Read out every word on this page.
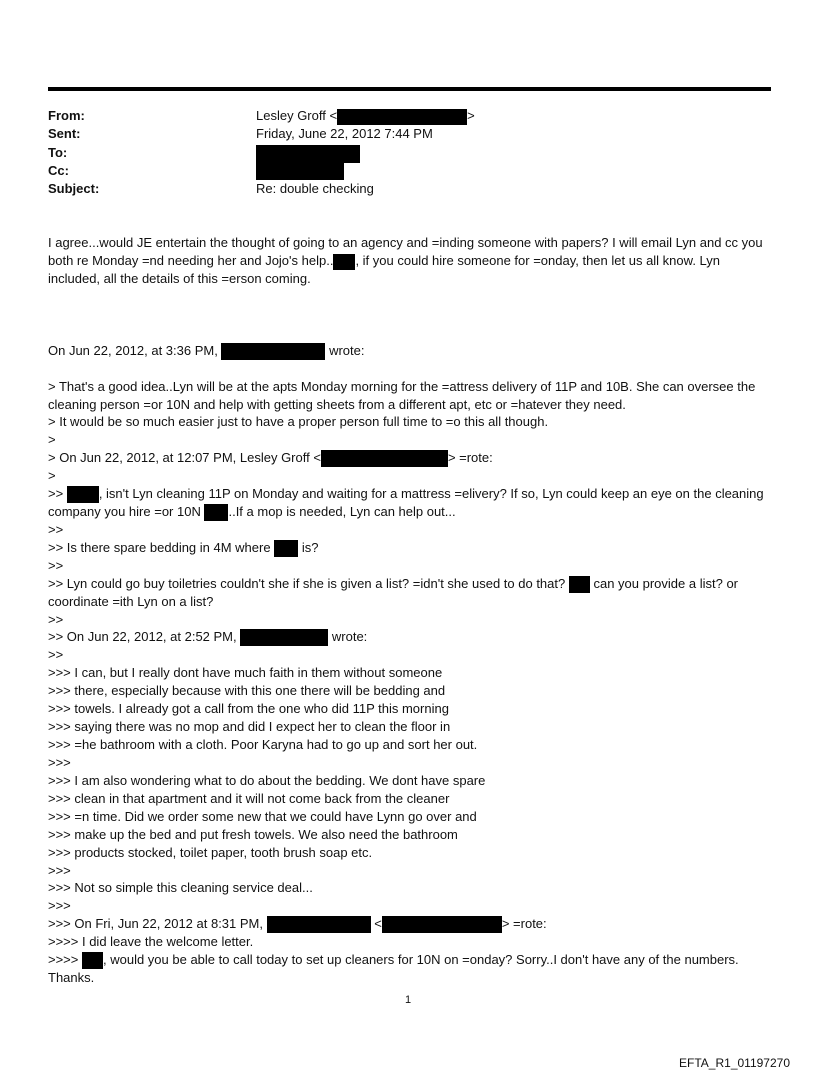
From:	Lesley Groff <	>
Sent:	Friday, June 22, 2012 7:44 PM
To:
Cc:
Subject:	Re: double checking
I agree...would JE entertain the thought of going to an agency and =inding someone with papers? I will email Lyn and cc you both re Monday =nd needing her and Jojo's help.. , if you could hire someone for =onday, then let us all know. Lyn included, all the details of this =erson coming.
On Jun 22, 2012, at 3:36 PM,	wrote:
> That's a good idea..Lyn will be at the apts Monday morning for the =attress delivery of 11P and 10B. She can oversee the cleaning person =or 10N and help with getting sheets from a different apt, etc or =hatever they need.
> It would be so much easier just to have a proper person full time to =o this all though.
>
> On Jun 22, 2012, at 12:07 PM, Lesley Groff <	> =rote:
>
>>	, isn't Lyn cleaning 11P on Monday and waiting for a mattress =elivery? If so, Lyn could keep an eye on the cleaning company you hire =or 10N ..If a mop is needed, Lyn can help out...
>>
>> Is there spare bedding in 4M where is?
>>
>> Lyn could go buy toiletries couldn't she if she is given a list? =idn't she used to do that? can you provide a list? or coordinate =ith Lyn on a list?
>>
>> On Jun 22, 2012, at 2:52 PM,	wrote:
>>
>>> I can, but I really dont have much faith in them without someone
>>> there, especially because with this one there will be bedding and
>>> towels. I already got a call from the one who did 11P this morning
>>> saying there was no mop and did I expect her to clean the floor in
>>> =he bathroom with a cloth. Poor Karyna had to go up and sort her out.
>>>
>>> I am also wondering what to do about the bedding. We dont have spare
>>> clean in that apartment and it will not come back from the cleaner
>>> =n time. Did we order some new that we could have Lynn go over and
>>> make up the bed and put fresh towels. We also need the bathroom
>>> products stocked, toilet paper, tooth brush soap etc.
>>>
>>> Not so simple this cleaning service deal...
>>>
>>> On Fri, Jun 22, 2012 at 8:31 PM,	<	> =rote:
>>>> I did leave the welcome letter.
>>>> , would you be able to call today to set up cleaners for 10N on =onday? Sorry..I don't have any of the numbers.
Thanks.
1
EFTA_R1_01197270
